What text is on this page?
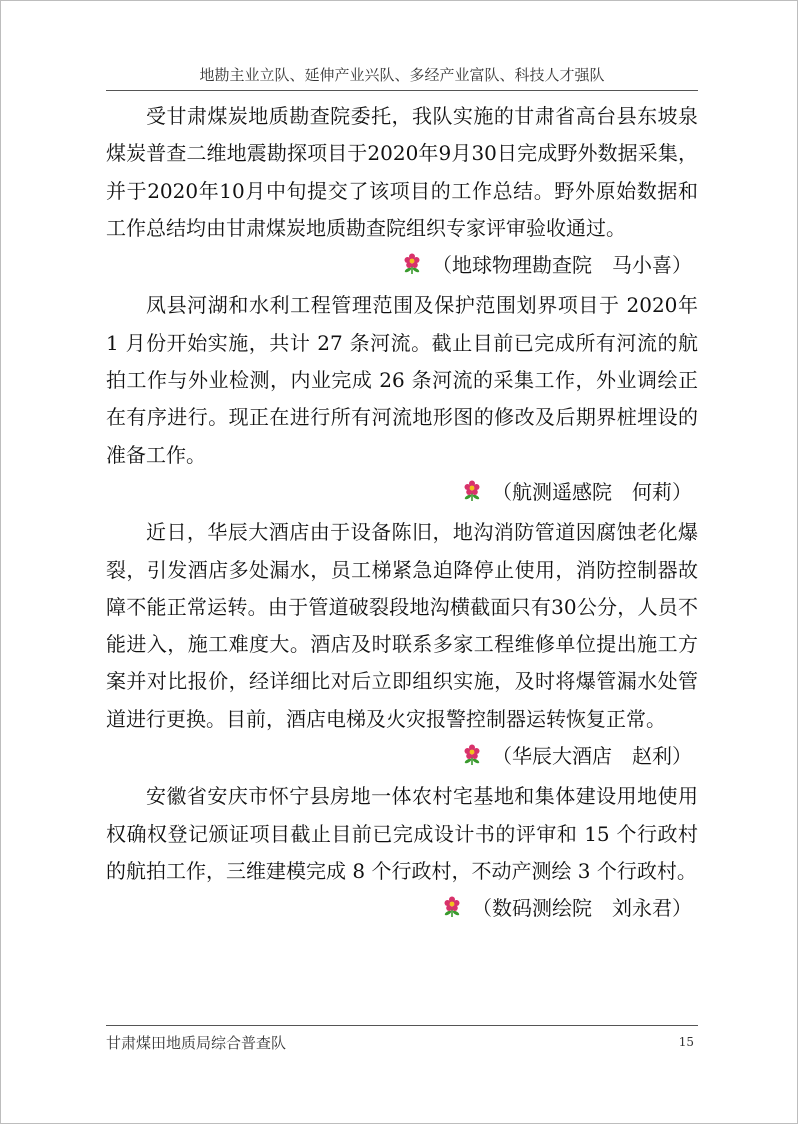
地勘主业立队、延伸产业兴队、多经产业富队、科技人才强队

受甘肃煤炭地质勘查院委托，我队实施的甘肃省高台县东坡泉煤炭普查二维地震勘探项目于2020年9月30日完成野外数据采集，并于2020年10月中旬提交了该项目的工作总结。野外原始数据和工作总结均由甘肃煤炭地质勘查院组织专家评审验收通过。

（地球物理勘查院　马小喜）

凤县河湖和水利工程管理范围及保护范围划界项目于 2020年 1 月份开始实施，共计 27 条河流。截止目前已完成所有河流的航拍工作与外业检测，内业完成 26 条河流的采集工作，外业调绘正在有序进行。现正在进行所有河流地形图的修改及后期界桩埋设的准备工作。

（航测遥感院　何莉）

近日，华辰大酒店由于设备陈旧，地沟消防管道因腐蚀老化爆裂，引发酒店多处漏水，员工梯紧急迫降停止使用，消防控制器故障不能正常运转。由于管道破裂段地沟横截面只有30公分，人员不能进入，施工难度大。酒店及时联系多家工程维修单位提出施工方案并对比报价，经详细比对后立即组织实施，及时将爆管漏水处管道进行更换。目前，酒店电梯及火灾报警控制器运转恢复正常。

（华辰大酒店　赵利）

安徽省安庆市怀宁县房地一体农村宅基地和集体建设用地使用权确权登记颁证项目截止目前已完成设计书的评审和 15 个行政村的航拍工作，三维建模完成 8 个行政村，不动产测绘 3 个行政村。

（数码测绘院　刘永君）

甘肃煤田地质局综合普查队	15
